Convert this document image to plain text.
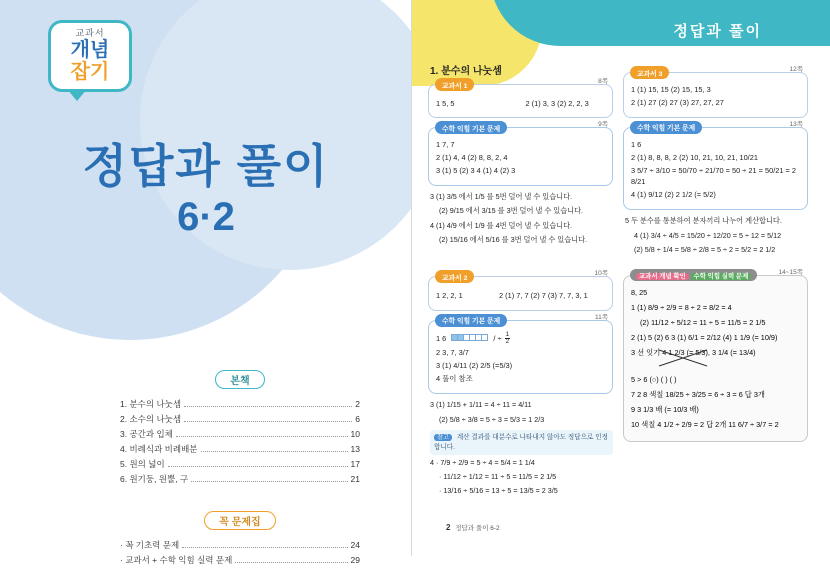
교과서
개념
잡기
정답과 풀이
6·2
본책
1. 분수의 나눗셈	2
2. 소수의 나눗셈	6
3. 공간과 입체	10
4. 비례식과 비례배분	13
5. 원의 넓이	17
6. 원기둥, 원뿔, 구	21
꼭 문제집
· 꼭 기초력 문제	24
· 교과서 + 수학 익힘 실력 문제	29
정답과 풀이
1. 분수의 나눗셈
교과서 1
8쪽
1 5, 5	2 (1) 3, 3 (2) 2, 2, 3
수학 익힘 기본 문제
9쪽
1 7, 7
2 (1) 4, 4 (2) 8, 8, 2, 4
3 (1) 5 (2) 3 4 (1) 4 (2) 3
3 (1) 3/5 에서 1/5 를 5번 덜어 낼 수 있습니다.
(2) 9/15 에서 3/15 를 3번 덜어 낼 수 있습니다.
4 (1) 4/9 에서 1/9 를 4번 덜어 낼 수 있습니다.
(2) 15/16 에서 5/16 를 3번 덜어 낼 수 있습니다.
교과서 2
10쪽
1 2, 2, 1	2 (1) 7, 7 (2) 7 (3) 7, 7, 3, 1
수학 익힘 기본 문제
11쪽
1 6	/ ÷ $\frac{1}{2}$
2 3, 7, 3/7
3 (1) 4/11 (2) 2/5 (=5/3)
4 풀이 참조
3 (1) 1/15 + 1/11 = 4 ÷ 11 = 4/11
(2) 5/8 ÷ 3/8 = 5 ÷ 3 = 5/3 = 1 2/3
참고 계산 결과를 대분수로 나타내지 않아도 정답으로 인정합니다.
4 · 7/9 ÷ 2/9 = 5 ÷ 4 = 5/4 = 1 1/4
· 11/12 ÷ 1/12 = 11 ÷ 5 = 11/5 = 2 1/5
· 13/16 ÷ 5/16 = 13 ÷ 5 = 13/5 = 2 3/5
2 정답과 풀이 6-2
교과서 3
12쪽
1 (1) 15, 15 (2) 15, 15, 3
2 (1) 27 (2) 27 (3) 27, 27, 27
수학 익힘 기본 문제
13쪽
1 6
2 (1) 8, 8, 8, 2 (2) 10, 21, 10, 21, 10/21
3 5/7 ÷ 3/10 = 50/70 ÷ 21/70 = 50 ÷ 21 = 50/21 = 2 8/21
4 (1) 9/12 (2) 2 1/2 (= 5/2)
5 두 분수를 통분하여 분자끼리 나누어 계산합니다.
4 (1) 3/4 ÷ 4/5 = 15/20 ÷ 12/20 = 5 ÷ 12 = 5/12
(2) 5/8 ÷ 1/4 = 5/8 ÷ 2/8 = 5 ÷ 2 = 5/2 = 2 1/2
교과서 개념 확인 수학 익힘 실력 문제	14~15쪽
8, 25
1 (1) 8/9 ÷ 2/9 = 8 ÷ 2 = 8/2 = 4
(2) 11/12 ÷ 5/12 = 11 ÷ 5 = 11/5 = 2 1/5
2 (1) 5 (2) 6 3 (1) 6/1 = 2/12 (4) 1 1/9 (= 10/9)
3 선 잇기 4 1 2/3 (= 5/3), 3 1/4 (= 13/4)
5 > 6 (○) ( ) ( )
7 2 8 색칠 18/25 ÷ 3/25 = 6 ÷ 3 = 6 답 3개
9 3 1/3 배 (= 10/3 배)
10 색칠 4 1/2 ÷ 2/9 = 2 답 2개 11 6/7 ÷ 3/7 = 2
